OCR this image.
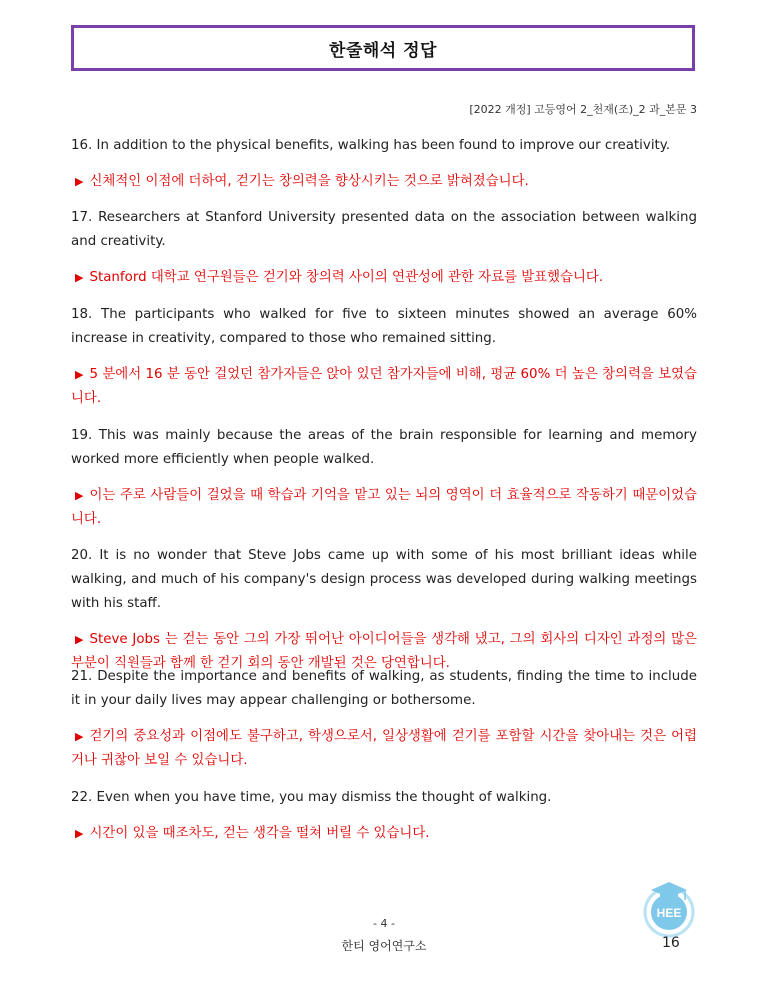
한줄해석 정답
[2022 개정] 고등영어 2_천재(조)_2 과_본문 3
16. In addition to the physical benefits, walking has been found to improve our creativity.
▶ 신체적인 이점에 더하여, 걷기는 창의력을 향상시키는 것으로 밝혀졌습니다.
17. Researchers at Stanford University presented data on the association between walking and creativity.
▶ Stanford 대학교 연구원들은 걷기와 창의력 사이의 연관성에 관한 자료를 발표했습니다.
18. The participants who walked for five to sixteen minutes showed an average 60% increase in creativity, compared to those who remained sitting.
▶ 5 분에서 16 분 동안 걸었던 참가자들은 앉아 있던 참가자들에 비해, 평균 60% 더 높은 창의력을 보였습니다.
19. This was mainly because the areas of the brain responsible for learning and memory worked more efficiently when people walked.
▶ 이는 주로 사람들이 걸었을 때 학습과 기억을 맡고 있는 뇌의 영역이 더 효율적으로 작동하기 때문이었습니다.
20. It is no wonder that Steve Jobs came up with some of his most brilliant ideas while walking, and much of his company's design process was developed during walking meetings with his staff.
▶ Steve Jobs 는 걷는 동안 그의 가장 뛰어난 아이디어들을 생각해 냈고, 그의 회사의 디자인 과정의 많은 부분이 직원들과 함께 한 걷기 회의 동안 개발된 것은 당연합니다.
21. Despite the importance and benefits of walking, as students, finding the time to include it in your daily lives may appear challenging or bothersome.
▶ 걷기의 중요성과 이점에도 불구하고, 학생으로서, 일상생활에 걷기를 포함할 시간을 찾아내는 것은 어렵거나 귀찮아 보일 수 있습니다.
22. Even when you have time, you may dismiss the thought of walking.
▶ 시간이 있을 때조차도, 걷는 생각을 떨쳐 버릴 수 있습니다.
HEE
- 4 -
한티 영어연구소	16
